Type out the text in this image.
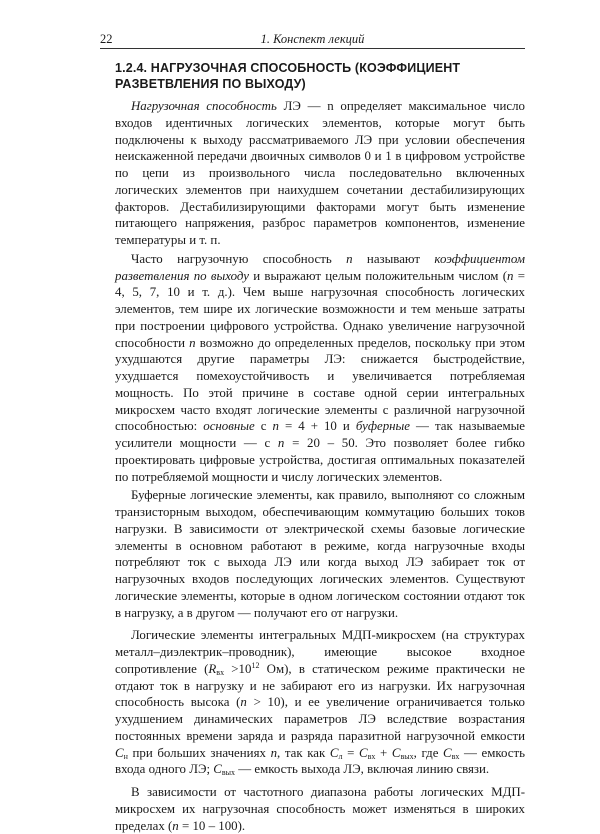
22	1. Конспект лекций
1.2.4. НАГРУЗОЧНАЯ СПОСОБНОСТЬ (КОЭФФИЦИЕНТ РАЗВЕТВЛЕНИЯ ПО ВЫХОДУ)

Нагрузочная способность ЛЭ — n определяет максимальное число входов идентичных логических элементов, которые могут быть подключены к выходу рассматриваемого ЛЭ при условии обеспечения неискаженной передачи двоичных символов 0 и 1 в цифровом устройстве по цепи из произвольного числа последовательно включенных логических элементов при наихудшем сочетании дестабилизирующих факторов. Дестабилизирующими факторами могут быть изменение питающего напряжения, разброс параметров компонентов, изменение температуры и т. п.

Часто нагрузочную способность n называют коэффициентом разветвления по выходу и выражают целым положительным числом (n = 4, 5, 7, 10 и т. д.). Чем выше нагрузочная способность логических элементов, тем шире их логические возможности и тем меньше затраты при построении цифрового устройства. Однако увеличение нагрузочной способности n возможно до определенных пределов, поскольку при этом ухудшаются другие параметры ЛЭ: снижается быстродействие, ухудшается помехоустойчивость и увеличивается потребляемая мощность. По этой причине в составе одной серии интегральных микросхем часто входят логические элементы с различной нагрузочной способностью: основные с n = 4 + 10 и буферные — так называемые усилители мощности — с n = 20 – 50. Это позволяет более гибко проектировать цифровые устройства, достигая оптимальных показателей по потребляемой мощности и числу логических элементов.

Буферные логические элементы, как правило, выполняют со сложным транзисторным выходом, обеспечивающим коммутацию больших токов нагрузки. В зависимости от электрической схемы базовые логические элементы в основном работают в режиме, когда нагрузочные входы потребляют ток с выхода ЛЭ или когда выход ЛЭ забирает ток от нагрузочных входов последующих логических элементов. Существуют логические элементы, которые в одном логическом состоянии отдают ток в нагрузку, а в другом — получают его от нагрузки.

Логические элементы интегральных МДП-микросхем (на структурах металл–диэлектрик–проводник), имеющие высокое входное сопротивление ($R_{вх} >10^{12}$ Ом), в статическом режиме практически не отдают ток в нагрузку и не забирают его из нагрузки. Их нагрузочная способность высока (n > 10), и ее увеличение ограничивается только ухудшением динамических параметров ЛЭ вследствие возрастания постоянных времени заряда и разряда паразитной нагрузочной емкости $C_н$ при больших значениях n, так как $C_л = C_{вх} + C_{вых}$, где $C_{вх}$ — емкость входа одного ЛЭ; $C_{вых}$ — емкость выхода ЛЭ, включая линию связи.

В зависимости от частотного диапазона работы логических МДП-микросхем их нагрузочная способность может изменяться в широких пределах (n = 10 – 100).
